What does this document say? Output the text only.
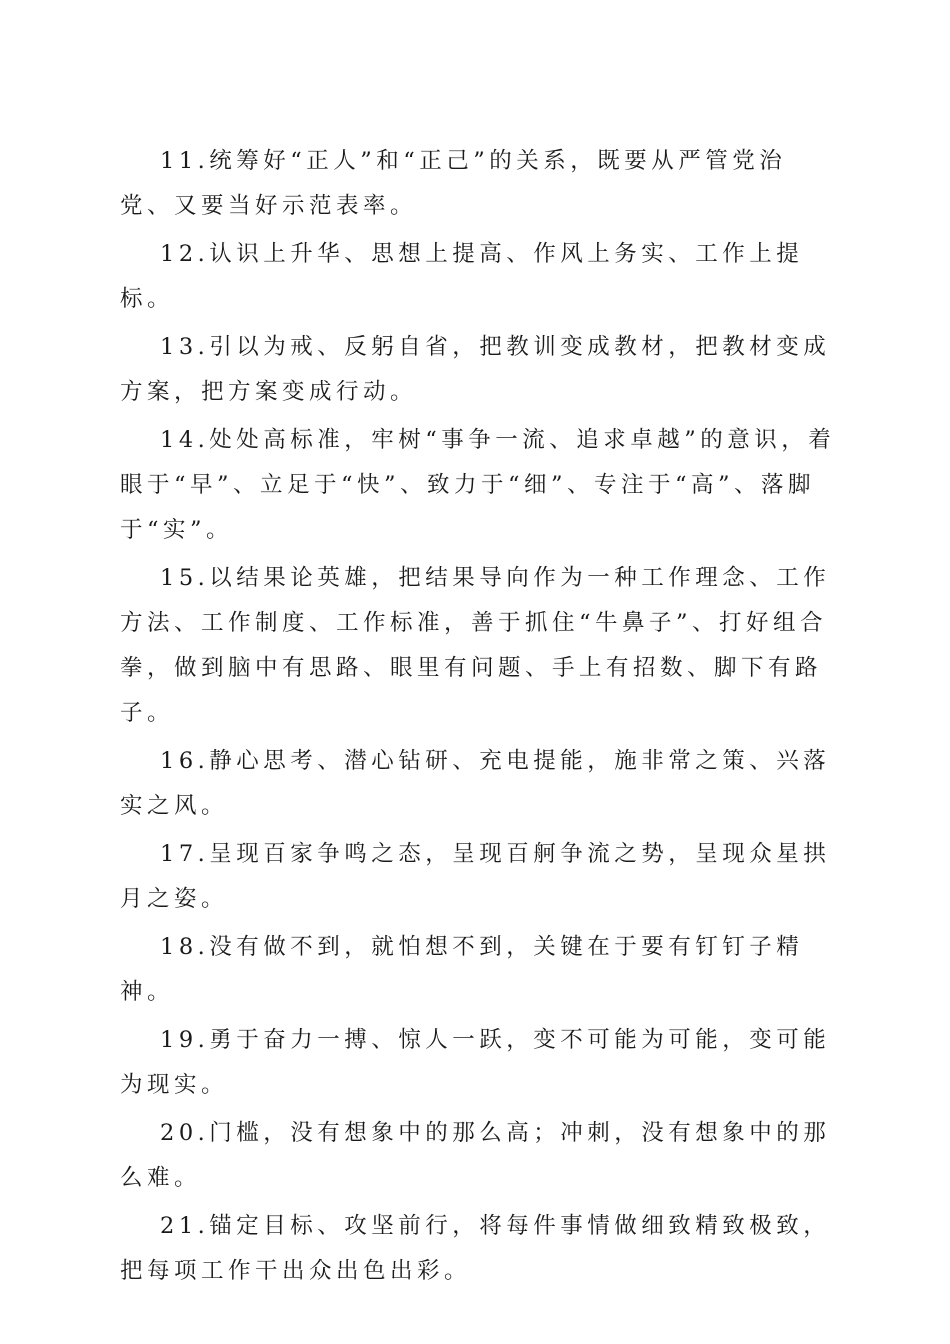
11.统筹好“正人”和“正己”的关系，既要从严管党治党、又要当好示范表率。

12.认识上升华、思想上提高、作风上务实、工作上提标。

13.引以为戒、反躬自省，把教训变成教材，把教材变成方案，把方案变成行动。

14.处处高标准，牢树“事争一流、追求卓越”的意识，着眼于“早”、立足于“快”、致力于“细”、专注于“高”、落脚于“实”。

15.以结果论英雄，把结果导向作为一种工作理念、工作方法、工作制度、工作标准，善于抓住“牛鼻子”、打好组合拳，做到脑中有思路、眼里有问题、手上有招数、脚下有路子。

16.静心思考、潜心钻研、充电提能，施非常之策、兴落实之风。

17.呈现百家争鸣之态，呈现百舸争流之势，呈现众星拱月之姿。

18.没有做不到，就怕想不到，关键在于要有钉钉子精神。

19.勇于奋力一搏、惊人一跃，变不可能为可能，变可能为现实。

20.门槛，没有想象中的那么高；冲刺，没有想象中的那么难。

21.锚定目标、攻坚前行，将每件事情做细致精致极致，把每项工作干出众出色出彩。
